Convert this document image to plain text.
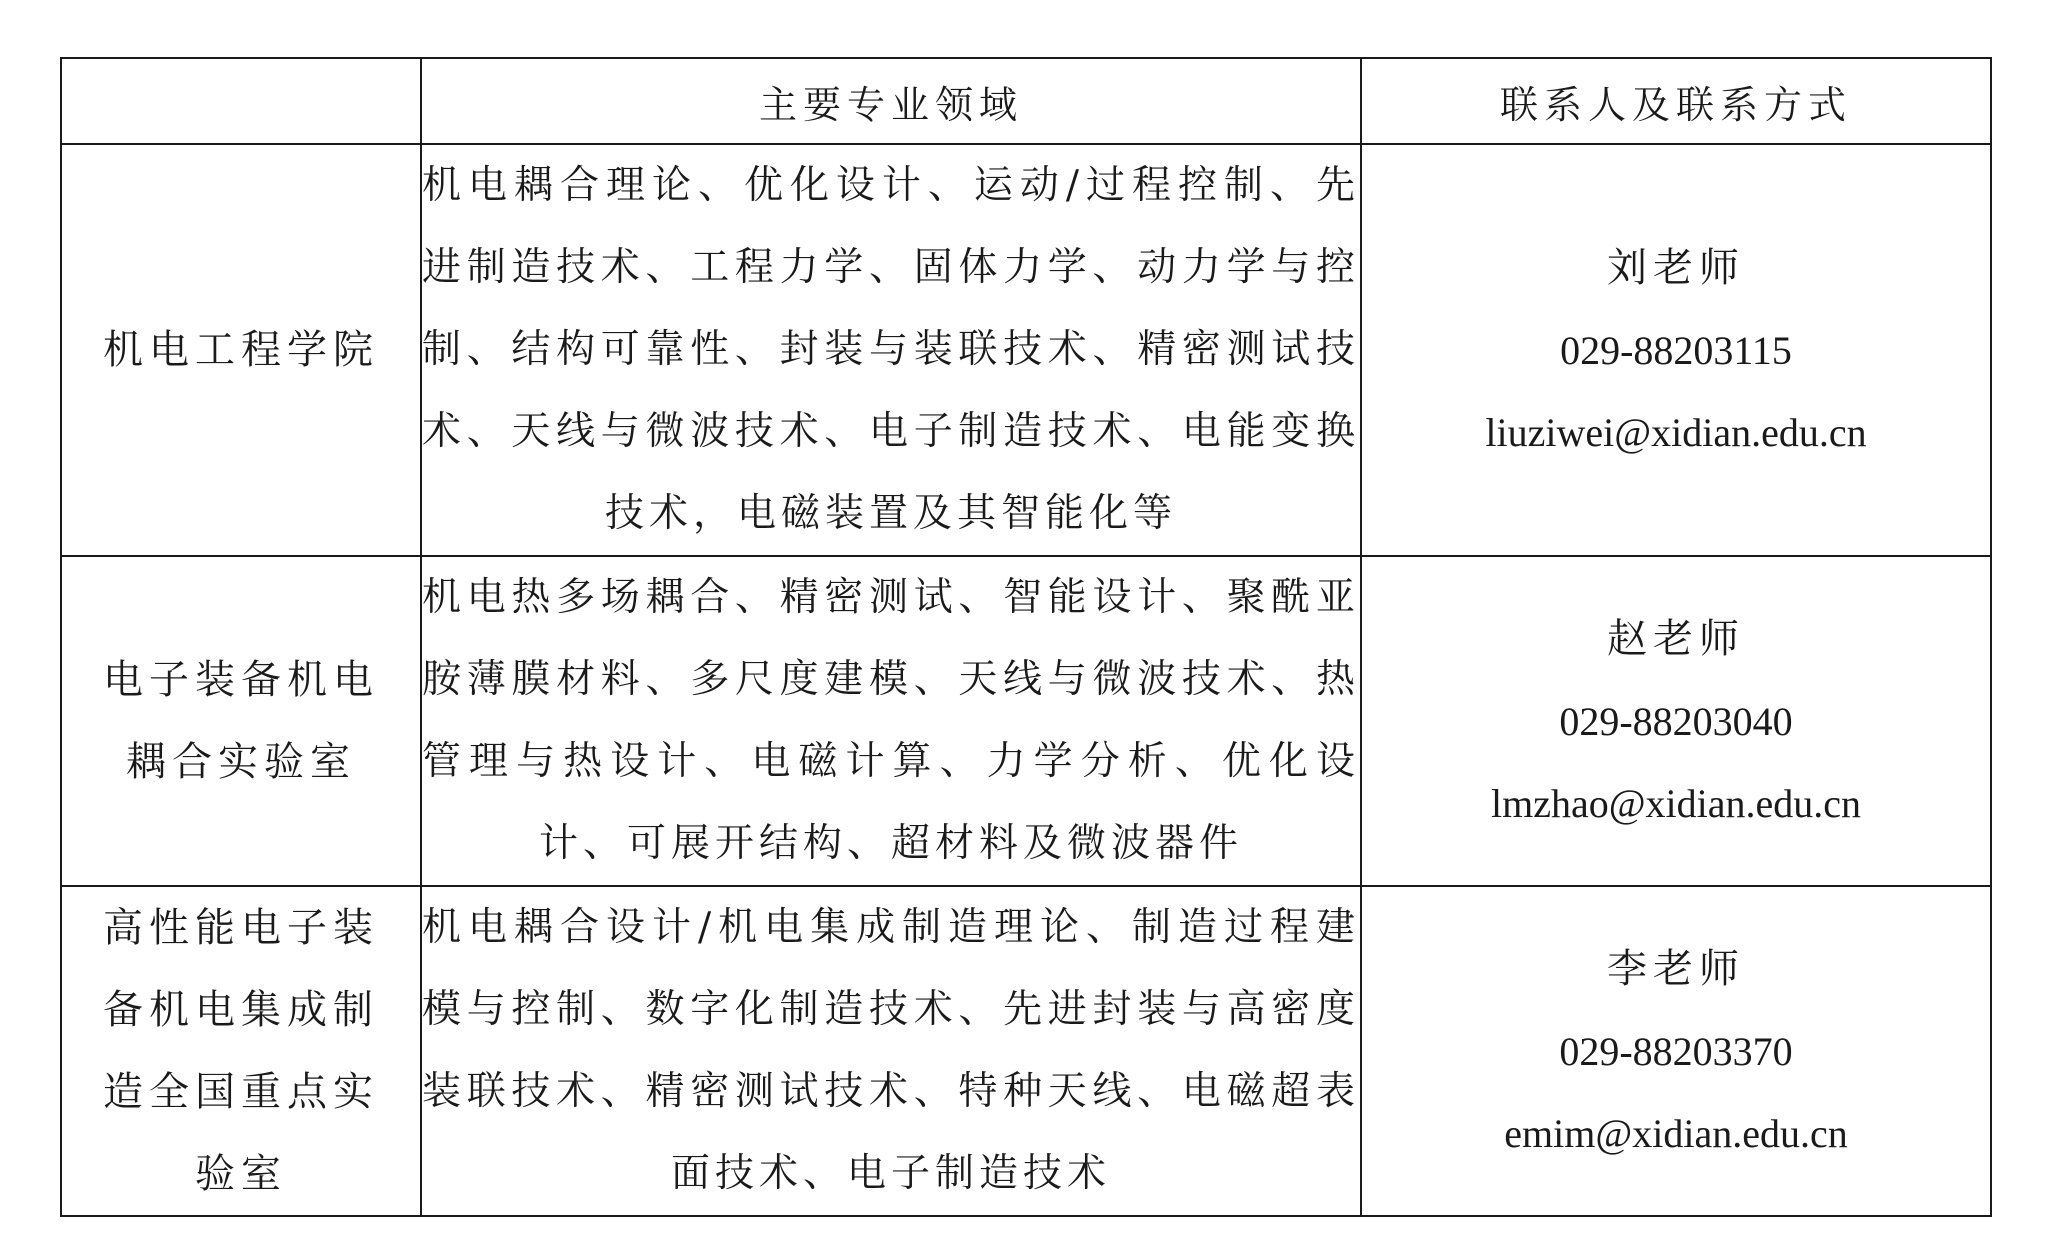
	主要专业领域	联系人及联系方式
机电工程学院	机电耦合理论、优化设计、运动/过程控制、先进制造技术、工程力学、固体力学、动力学与控制、结构可靠性、封装与装联技术、精密测试技术、天线与微波技术、电子制造技术、电能变换技术，电磁装置及其智能化等	刘老师
029-88203115
liuziwei@xidian.edu.cn

电子装备机电耦合实验室	机电热多场耦合、精密测试、智能设计、聚酰亚胺薄膜材料、多尺度建模、天线与微波技术、热管理与热设计、电磁计算、力学分析、优化设计、可展开结构、超材料及微波器件	赵老师
029-88203040
lmzhao@xidian.edu.cn

高性能电子装备机电集成制造全国重点实验室	机电耦合设计/机电集成制造理论、制造过程建模与控制、数字化制造技术、先进封装与高密度装联技术、精密测试技术、特种天线、电磁超表面技术、电子制造技术	李老师
029-88203370
emim@xidian.edu.cn
